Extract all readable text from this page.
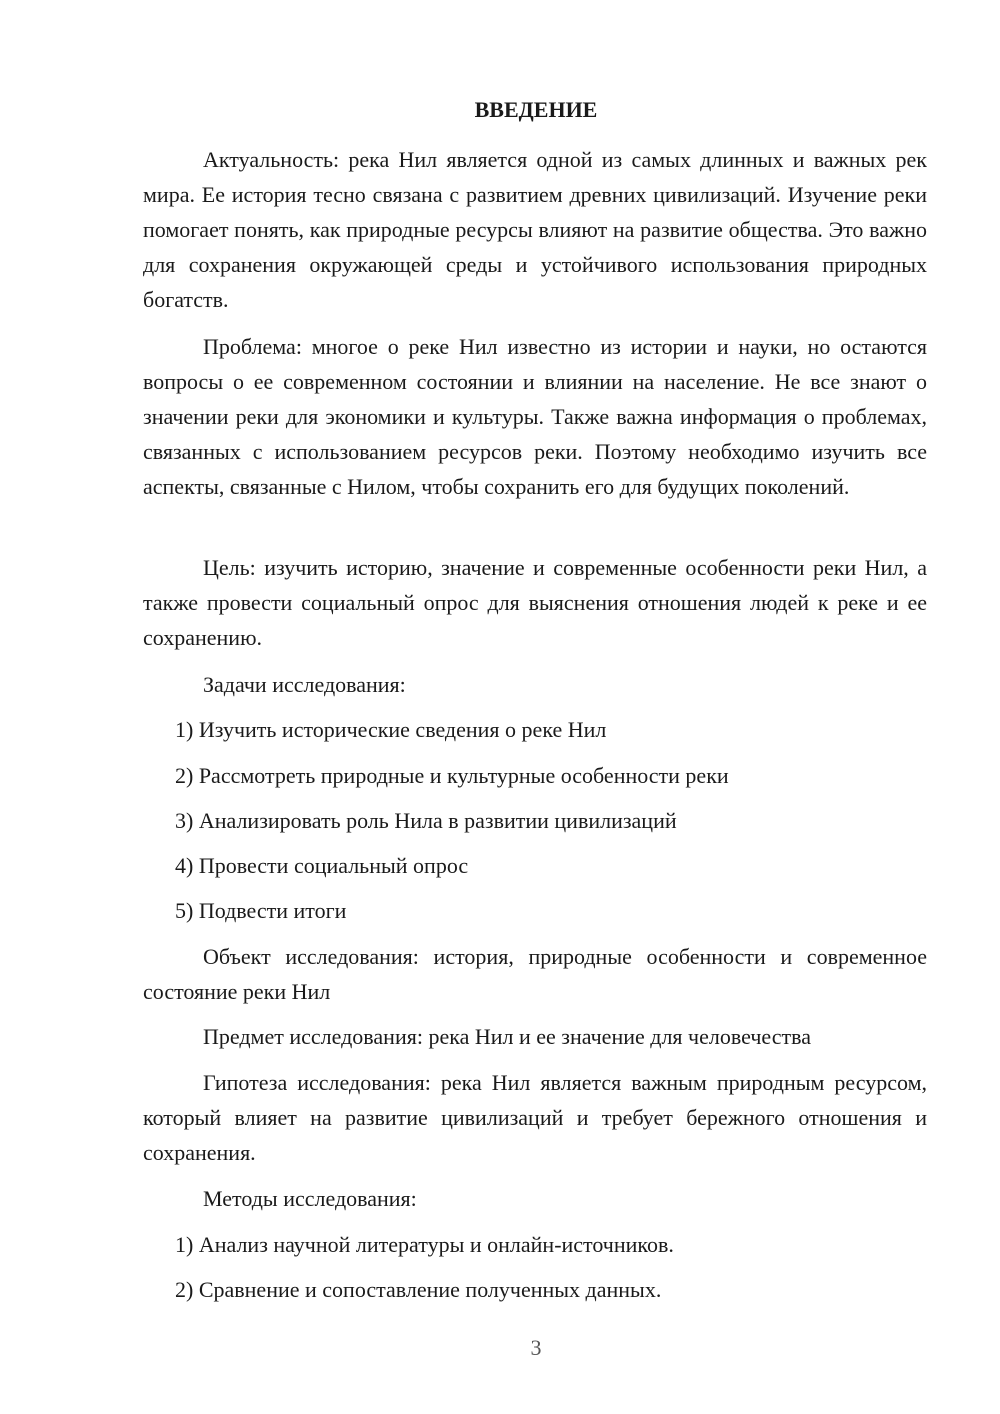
ВВЕДЕНИЕ

Актуальность: река Нил является одной из самых длинных и важных рек мира. Ее история тесно связана с развитием древних цивилизаций. Изучение реки помогает понять, как природные ресурсы влияют на развитие общества. Это важно для сохранения окружающей среды и устойчивого использования природных богатств.

Проблема: многое о реке Нил известно из истории и науки, но остаются вопросы о ее современном состоянии и влиянии на население. Не все знают о значении реки для экономики и культуры. Также важна информация о проблемах, связанных с использованием ресурсов реки. Поэтому необходимо изучить все аспекты, связанные с Нилом, чтобы сохранить его для будущих поколений.

Цель: изучить историю, значение и современные особенности реки Нил, а также провести социальный опрос для выяснения отношения людей к реке и ее сохранению.

Задачи исследования:

1) Изучить исторические сведения о реке Нил

2) Рассмотреть природные и культурные особенности реки

3) Анализировать роль Нила в развитии цивилизаций

4) Провести социальный опрос

5) Подвести итоги

Объект исследования: история, природные особенности и современное состояние реки Нил

Предмет исследования: река Нил и ее значение для человечества

Гипотеза исследования: река Нил является важным природным ресурсом, который влияет на развитие цивилизаций и требует бережного отношения и сохранения.

Методы исследования:

1) Анализ научной литературы и онлайн-источников.

2) Сравнение и сопоставление полученных данных.

3
